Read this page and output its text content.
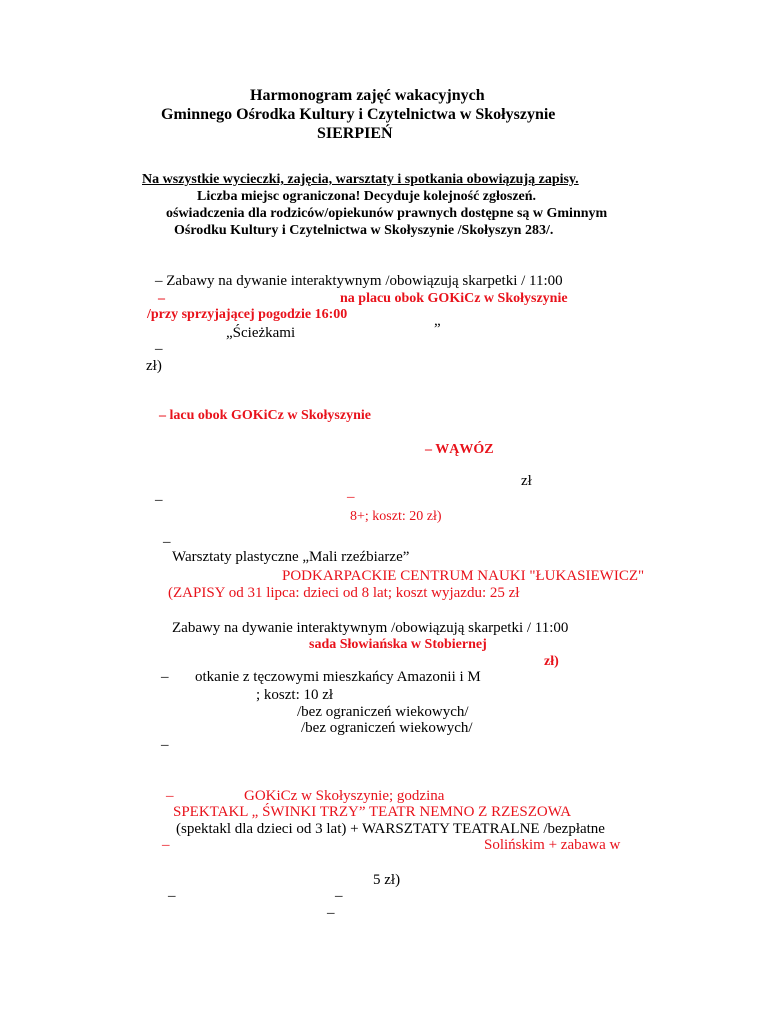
Harmonogram zajęć wakacyjnych
Gminnego Ośrodka Kultury i Czytelnictwa w Skołyszynie
SIERPIEŃ
Na wszystkie wycieczki, zajęcia, warsztaty i spotkania obowiązują zapisy.
Liczba miejsc ograniczona! Decyduje kolejność zgłoszeń.
oświadczenia dla rodziców/opiekunów prawnych dostępne są w Gminnym
Ośrodku Kultury i Czytelnictwa w Skołyszynie /Skołyszyn 283/.
– Zabawy na dywanie interaktywnym /obowiązują skarpetki / 11:00
–	na placu obok GOKiCz w Skołyszynie
/przy sprzyjającej pogodzie 16:00
„Ścieżkami	”
–
zł)
– lacu obok GOKiCz w Skołyszynie
– WĄWÓZ
zł
–	–
8+; koszt: 20 zł)
–
Warsztaty plastyczne „Mali rzeźbiarze”
PODKARPACKIE CENTRUM NAUKI "ŁUKASIEWICZ"
(ZAPISY od 31 lipca: dzieci od 8 lat; koszt wyjazdu: 25 zł
Zabawy na dywanie interaktywnym /obowiązują skarpetki / 11:00
sada Słowiańska w Stobiernej
zł)
– otkanie z tęczowymi mieszkańcy Amazonii i M
; koszt: 10 zł
/bez ograniczeń wiekowych/
/bez ograniczeń wiekowych/
–
–	GOKiCz w Skołyszynie; godzina
SPEKTAKL „ ŚWINKI TRZY” TEATR NEMNO Z RZESZOWA
(spektakl dla dzieci od 3 lat) + WARSZTATY TEATRALNE /bezpłatne
–	Solińskim + zabawa w
5 zł)
–	–
–
